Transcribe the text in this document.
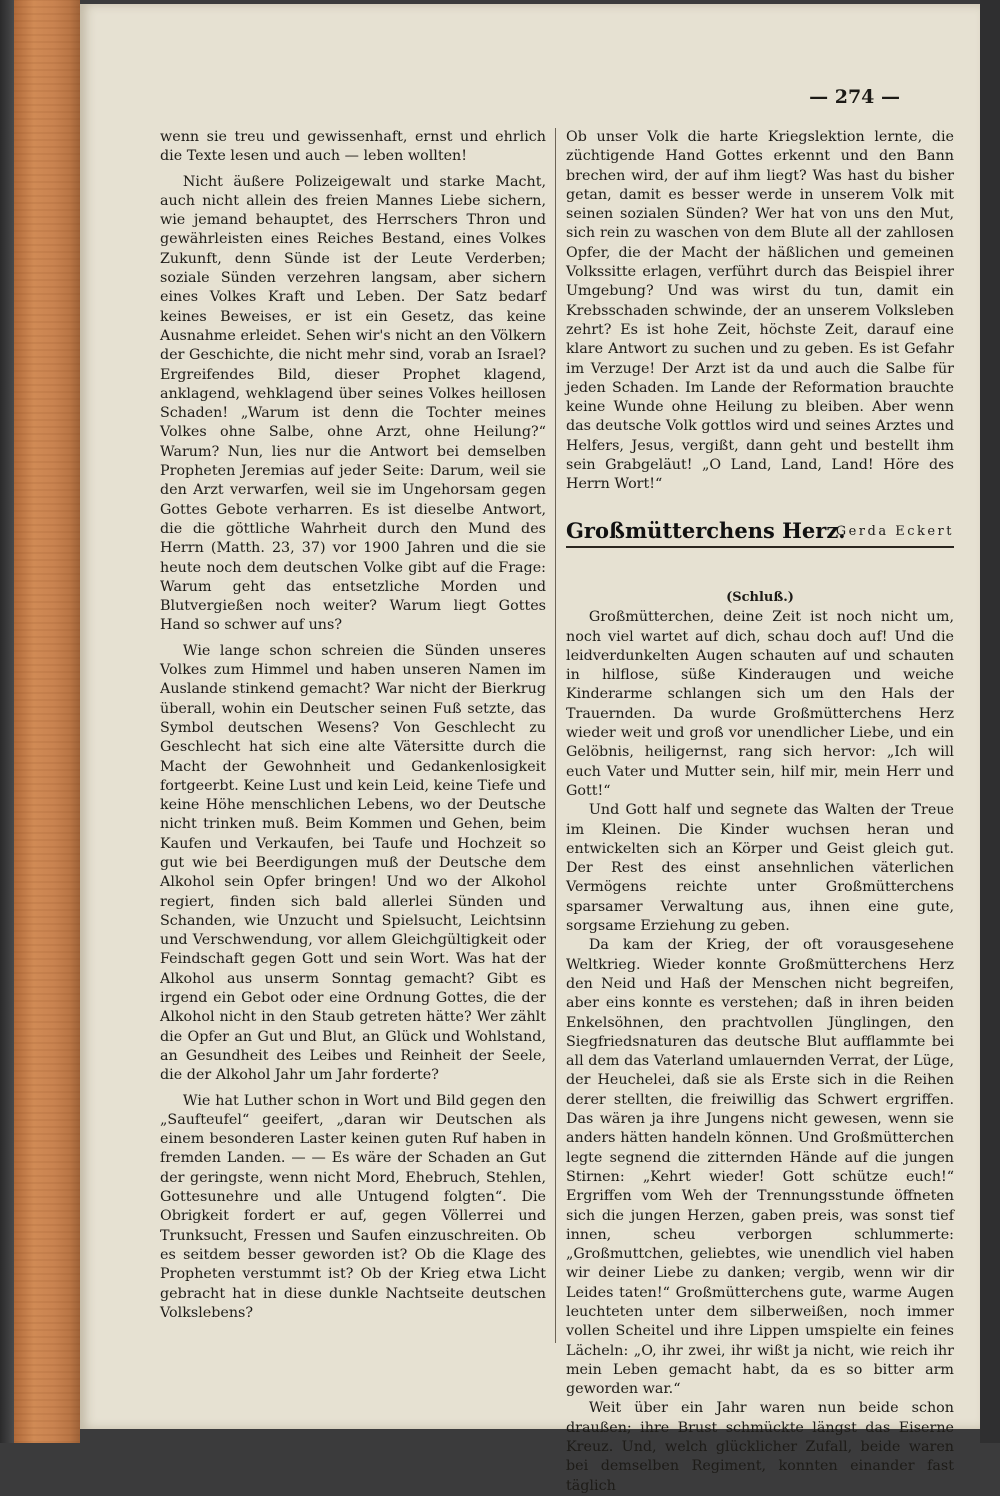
— 274 —

wenn sie treu und gewissenhaft, ernst und ehrlich die Texte lesen und auch — leben wollten!

Nicht äußere Polizeigewalt und starke Macht, auch nicht allein des freien Mannes Liebe sichern, wie jemand behauptet, des Herrschers Thron und gewährleisten eines Reiches Bestand, eines Volkes Zukunft, denn Sünde ist der Leute Verderben; soziale Sünden verzehren langsam, aber sichern eines Volkes Kraft und Leben. Der Satz bedarf keines Beweises, er ist ein Gesetz, das keine Ausnahme erleidet. Sehen wir's nicht an den Völkern der Geschichte, die nicht mehr sind, vorab an Israel? Ergreifendes Bild, dieser Prophet klagend, anklagend, wehklagend über seines Volkes heillosen Schaden! „Warum ist denn die Tochter meines Volkes ohne Salbe, ohne Arzt, ohne Heilung?“ Warum? Nun, lies nur die Antwort bei demselben Propheten Jeremias auf jeder Seite: Darum, weil sie den Arzt verwarfen, weil sie im Ungehorsam gegen Gottes Gebote verharren. Es ist dieselbe Antwort, die die göttliche Wahrheit durch den Mund des Herrn (Matth. 23, 37) vor 1900 Jahren und die sie heute noch dem deutschen Volke gibt auf die Frage: Warum geht das entsetzliche Morden und Blutvergießen noch weiter? Warum liegt Gottes Hand so schwer auf uns?

Wie lange schon schreien die Sünden unseres Volkes zum Himmel und haben unseren Namen im Auslande stinkend gemacht? War nicht der Bierkrug überall, wohin ein Deutscher seinen Fuß setzte, das Symbol deutschen Wesens? Von Geschlecht zu Geschlecht hat sich eine alte Vätersitte durch die Macht der Gewohnheit und Gedankenlosigkeit fortgeerbt. Keine Lust und kein Leid, keine Tiefe und keine Höhe menschlichen Lebens, wo der Deutsche nicht trinken muß. Beim Kommen und Gehen, beim Kaufen und Verkaufen, bei Taufe und Hochzeit so gut wie bei Beerdigungen muß der Deutsche dem Alkohol sein Opfer bringen! Und wo der Alkohol regiert, finden sich bald allerlei Sünden und Schanden, wie Unzucht und Spielsucht, Leichtsinn und Verschwendung, vor allem Gleichgültigkeit oder Feindschaft gegen Gott und sein Wort. Was hat der Alkohol aus unserm Sonntag gemacht? Gibt es irgend ein Gebot oder eine Ordnung Gottes, die der Alkohol nicht in den Staub getreten hätte? Wer zählt die Opfer an Gut und Blut, an Glück und Wohlstand, an Gesundheit des Leibes und Reinheit der Seele, die der Alkohol Jahr um Jahr forderte?

Wie hat Luther schon in Wort und Bild gegen den „Saufteufel“ geeifert, „daran wir Deutschen als einem besonderen Laster keinen guten Ruf haben in fremden Landen. — — Es wäre der Schaden an Gut der geringste, wenn nicht Mord, Ehebruch, Stehlen, Gottesunehre und alle Untugend folgten“. Die Obrigkeit fordert er auf, gegen Völlerrei und Trunksucht, Fressen und Saufen einzuschreiten. Ob es seitdem besser geworden ist? Ob die Klage des Propheten verstummt ist? Ob der Krieg etwa Licht gebracht hat in diese dunkle Nachtseite deutschen Volkslebens?

Ob unser Volk die harte Kriegslektion lernte, die züchtigende Hand Gottes erkennt und den Bann brechen wird, der auf ihm liegt? Was hast du bisher getan, damit es besser werde in unserem Volk mit seinen sozialen Sünden? Wer hat von uns den Mut, sich rein zu waschen von dem Blute all der zahllosen Opfer, die der Macht der häßlichen und gemeinen Volkssitte erlagen, verführt durch das Beispiel ihrer Umgebung? Und was wirst du tun, damit ein Krebsschaden schwinde, der an unserem Volksleben zehrt? Es ist hohe Zeit, höchste Zeit, darauf eine klare Antwort zu suchen und zu geben. Es ist Gefahr im Verzuge! Der Arzt ist da und auch die Salbe für jeden Schaden. Im Lande der Reformation brauchte keine Wunde ohne Heilung zu bleiben. Aber wenn das deutsche Volk gottlos wird und seines Arztes und Helfers, Jesus, vergißt, dann geht und bestellt ihm sein Grabgeläut! „O Land, Land, Land! Höre des Herrn Wort!“

Großmütterchens Herz.
Gerda Eckert

(Schluß.)

Großmütterchen, deine Zeit ist noch nicht um, noch viel wartet auf dich, schau doch auf! Und die leidverdunkelten Augen schauten auf und schauten in hilflose, süße Kinderaugen und weiche Kinderarme schlangen sich um den Hals der Trauernden. Da wurde Großmütterchens Herz wieder weit und groß vor unendlicher Liebe, und ein Gelöbnis, heiligernst, rang sich hervor: „Ich will euch Vater und Mutter sein, hilf mir, mein Herr und Gott!“

Und Gott half und segnete das Walten der Treue im Kleinen. Die Kinder wuchsen heran und entwickelten sich an Körper und Geist gleich gut. Der Rest des einst ansehnlichen väterlichen Vermögens reichte unter Großmütterchens sparsamer Verwaltung aus, ihnen eine gute, sorgsame Erziehung zu geben.

Da kam der Krieg, der oft vorausgesehene Weltkrieg. Wieder konnte Großmütterchens Herz den Neid und Haß der Menschen nicht begreifen, aber eins konnte es verstehen; daß in ihren beiden Enkelsöhnen, den prachtvollen Jünglingen, den Siegfriedsnaturen das deutsche Blut aufflammte bei all dem das Vaterland umlauernden Verrat, der Lüge, der Heuchelei, daß sie als Erste sich in die Reihen derer stellten, die freiwillig das Schwert ergriffen. Das wären ja ihre Jungens nicht gewesen, wenn sie anders hätten handeln können. Und Großmütterchen legte segnend die zitternden Hände auf die jungen Stirnen: „Kehrt wieder! Gott schütze euch!“ Ergriffen vom Weh der Trennungsstunde öffneten sich die jungen Herzen, gaben preis, was sonst tief innen, scheu verborgen schlummerte: „Großmuttchen, geliebtes, wie unendlich viel haben wir deiner Liebe zu danken; vergib, wenn wir dir Leides taten!“ Großmütterchens gute, warme Augen leuchteten unter dem silberweißen, noch immer vollen Scheitel und ihre Lippen umspielte ein feines Lächeln: „O, ihr zwei, ihr wißt ja nicht, wie reich ihr mein Leben gemacht habt, da es so bitter arm geworden war.“

Weit über ein Jahr waren nun beide schon draußen; ihre Brust schmückte längst das Eiserne Kreuz. Und, welch glücklicher Zufall, beide waren bei demselben Regiment, konnten einander fast täglich
